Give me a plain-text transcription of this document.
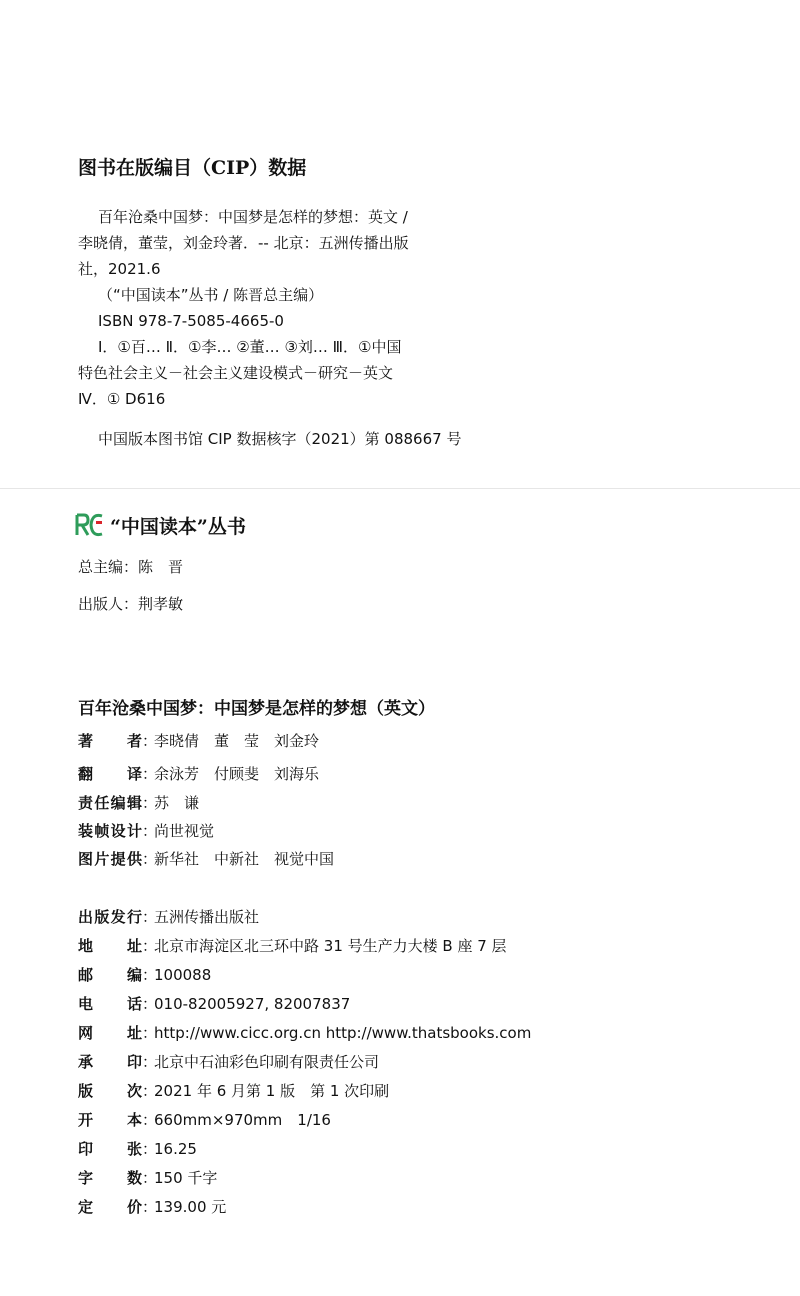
图书在版编目（CIP）数据
百年沧桑中国梦：中国梦是怎样的梦想：英文 /
李晓倩，董莹，刘金玲著．-- 北京：五洲传播出版
社，2021.6
（“中国读本”丛书 / 陈晋总主编）
ISBN 978-7-5085-4665-0
Ⅰ．①百… Ⅱ．①李… ②董… ③刘… Ⅲ．①中国
特色社会主义－社会主义建设模式－研究－英文
Ⅳ．① D616
中国版本图书馆 CIP 数据核字（2021）第 088667 号
“中国读本”丛书
总主编 ： 陈　晋
出版人 ： 荆孝敏
百年沧桑中国梦：中国梦是怎样的梦想（英文）
著　　者 ：
李晓倩　董　莹　刘金玲
翻　　译 ：
余泳芳　付顾斐　刘海乐
责任编辑 ：
苏　谦
装帧设计 ：
尚世视觉
图片提供 ：
新华社　中新社　视觉中国
出版发行 ：
五洲传播出版社
地　　址 ：
北京市海淀区北三环中路 31 号生产力大楼 B 座 7 层
邮　　编 ：
100088
电　　话 ：
010-82005927, 82007837
网　　址 ：
http://www.cicc.org.cn http://www.thatsbooks.com
承　　印 ：
北京中石油彩色印刷有限责任公司
版　　次 ：
2021 年 6 月第 1 版　第 1 次印刷
开　　本 ：
660mm×970mm　1/16
印　　张 ：
16.25
字　　数 ：
150 千字
定　　价 ：
139.00 元
